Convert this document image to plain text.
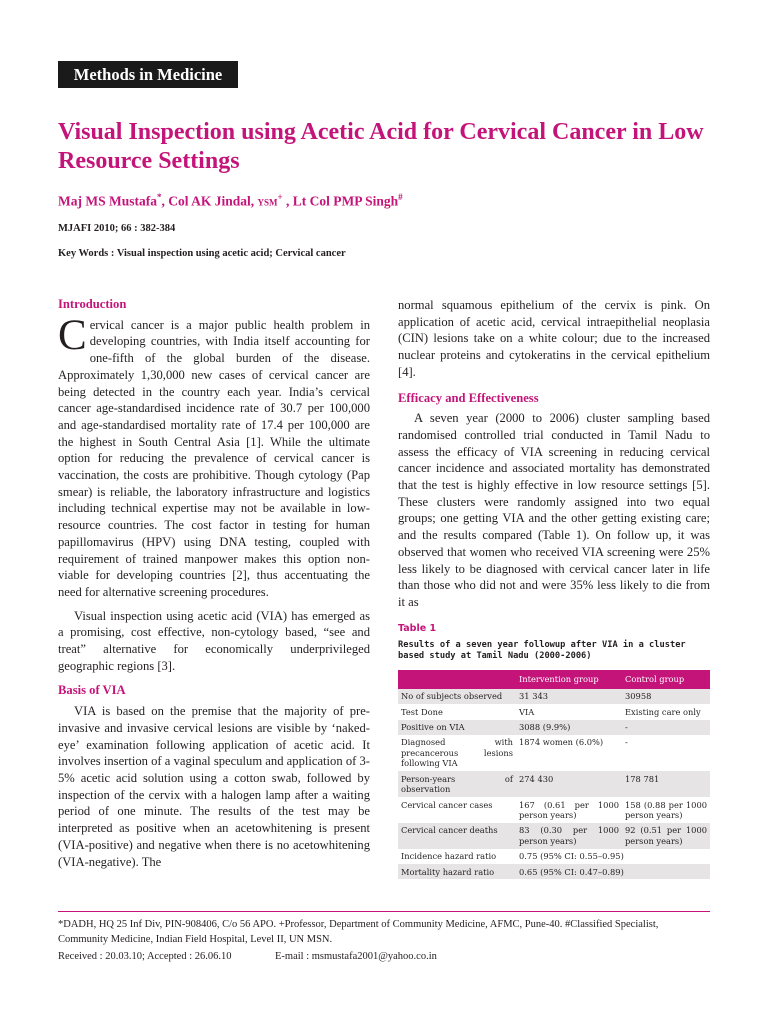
Methods in Medicine
Visual Inspection using Acetic Acid for Cervical Cancer in Low Resource Settings
Maj MS Mustafa*, Col AK Jindal, YSM+ , Lt Col PMP Singh#
MJAFI 2010; 66 : 382-384
Key Words : Visual inspection using acetic acid; Cervical cancer
Introduction

Cervical cancer is a major public health problem in developing countries, with India itself accounting for one-fifth of the global burden of the disease. Approximately 1,30,000 new cases of cervical cancer are being detected in the country each year. India’s cervical cancer age-standardised incidence rate of 30.7 per 100,000 and age-standardised mortality rate of 17.4 per 100,000 are the highest in South Central Asia [1]. While the ultimate option for reducing the prevalence of cervical cancer is vaccination, the costs are prohibitive. Though cytology (Pap smear) is reliable, the laboratory infrastructure and logistics including technical expertise may not be available in low-resource countries. The cost factor in testing for human papillomavirus (HPV) using DNA testing, coupled with requirement of trained manpower makes this option non-viable for developing countries [2], thus accentuating the need for alternative screening procedures.

Visual inspection using acetic acid (VIA) has emerged as a promising, cost effective, non-cytology based, “see and treat” alternative for economically underprivileged geographic regions [3].

Basis of VIA

VIA is based on the premise that the majority of pre-invasive and invasive cervical lesions are visible by ‘naked-eye’ examination following application of acetic acid. It involves insertion of a vaginal speculum and application of 3-5% acetic acid solution using a cotton swab, followed by inspection of the cervix with a halogen lamp after a waiting period of one minute. The results of the test may be interpreted as positive when an acetowhitening is present (VIA-positive) and negative when there is no acetowhitening (VIA-negative). The

normal squamous epithelium of the cervix is pink. On application of acetic acid, cervical intraepithelial neoplasia (CIN) lesions take on a white colour; due to the increased nuclear proteins and cytokeratins in the cervical epithelium [4].

Efficacy and Effectiveness

A seven year (2000 to 2006) cluster sampling based randomised controlled trial conducted in Tamil Nadu to assess the efficacy of VIA screening in reducing cervical cancer incidence and associated mortality has demonstrated that the test is highly effective in low resource settings [5]. These clusters were randomly assigned into two equal groups; one getting VIA and the other getting existing care; and the results compared (Table 1). On follow up, it was observed that women who received VIA screening were 25% less likely to be diagnosed with cervical cancer later in life than those who did not and were 35% less likely to die from it as

Table 1
Results of a seven year followup after VIA in a cluster based study at Tamil Nadu (2000-2006)
	Intervention group	Control group
No of subjects observed	31 343	30958
Test Done	VIA	Existing care only
Positive on VIA	3088 (9.9%)	-
Diagnosed with precancerous lesions following VIA	1874 women (6.0%)	-
Person-years of observation	274 430	178 781
Cervical cancer cases	167 (0.61 per 1000 person years)	158 (0.88 per 1000 person years)
Cervical cancer deaths	83 (0.30 per 1000 person years)	92 (0.51 per 1000 person years)
Incidence hazard ratio	0.75 (95% CI: 0.55–0.95)	
Mortality hazard ratio	0.65 (95% CI: 0.47–0.89)	
*DADH, HQ 25 Inf Div, PIN-908406, C/o 56 APO. +Professor, Department of Community Medicine, AFMC, Pune-40. #Classified Specialist, Community Medicine, Indian Field Hospital, Level II, UN MSN.
Received : 20.03.10; Accepted : 26.06.10	E-mail : msmustafa2001@yahoo.co.in
